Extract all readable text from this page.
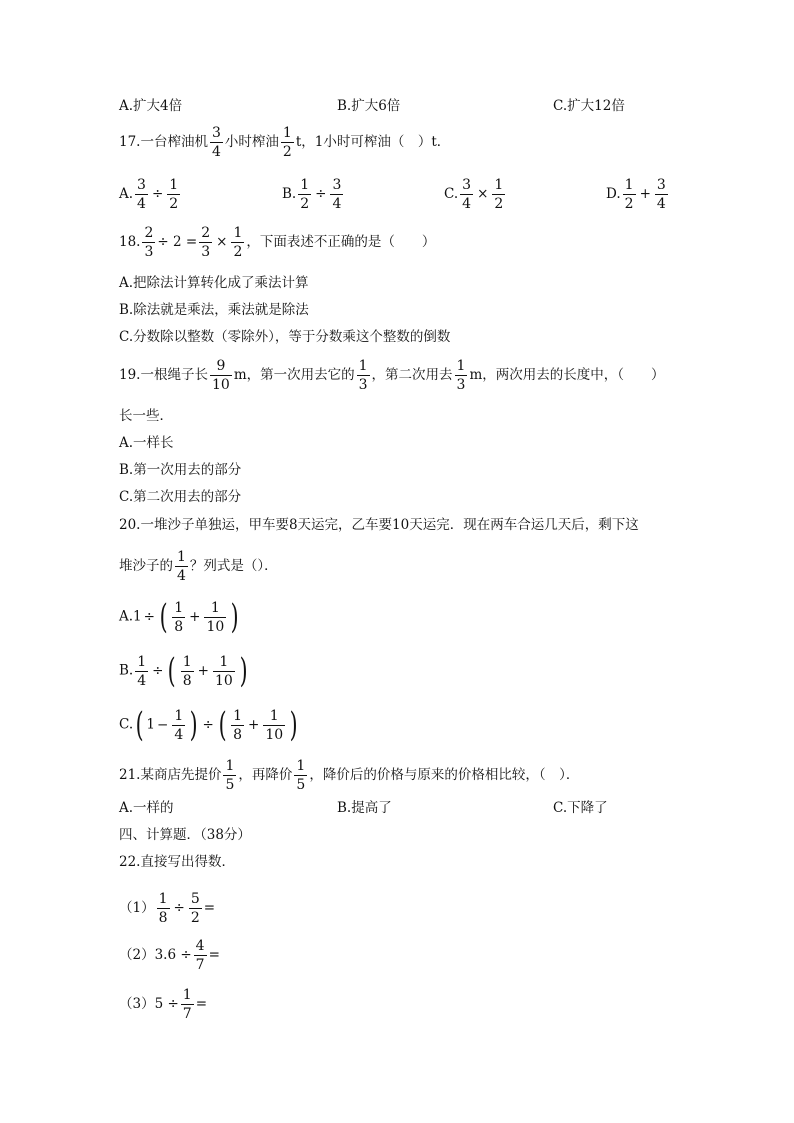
A.扩大4倍	B.扩大6倍	C.扩大12倍
17.一台榨油机 $\frac{3}{4}$ 小时榨油 $\frac{1}{2}$ t，1小时可榨油（　）t．
A. $\frac{3}{4} \div \frac{1}{2}$	B. $\frac{1}{2} \div \frac{3}{4}$	C. $\frac{3}{4} \times \frac{1}{2}$	D. $\frac{1}{2} + \frac{3}{4}$
18. $\frac{2}{3} \div 2 = \frac{2}{3} \times \frac{1}{2}$ ，下面表述不正确的是（　　）
A.把除法计算转化成了乘法计算
B.除法就是乘法，乘法就是除法
C.分数除以整数（零除外），等于分数乘这个整数的倒数
19.一根绳子长 $\frac{9}{10}$ m，第一次用去它的 $\frac{1}{3}$ ，第二次用去 $\frac{1}{3}$ m，两次用去的长度中，（　　）
长一些．
A.一样长
B.第一次用去的部分
C.第二次用去的部分
20.一堆沙子单独运，甲车要8天运完，乙车要10天运完．现在两车合运几天后，剩下这
堆沙子的 $\frac{1}{4}$ ？列式是（）．
A.1 ÷ ( $\frac{1}{8} + \frac{1}{10}$ )
B. $\frac{1}{4}$ ÷ ( $\frac{1}{8} + \frac{1}{10}$ )
C.( $1 - \frac{1}{4}$ ) ÷ ( $\frac{1}{8} + \frac{1}{10}$ )
21.某商店先提价 $\frac{1}{5}$ ，再降价 $\frac{1}{5}$ ，降价后的价格与原来的价格相比较，（　）．
A.一样的	B.提高了	C.下降了
四、计算题．（38分）
22.直接写出得数．
$(1) \frac{1}{8} \div \frac{5}{2}$ =
$(2)3.6 \div \frac{4}{7}$ =
$(3)5 \div \frac{1}{7}$ =
